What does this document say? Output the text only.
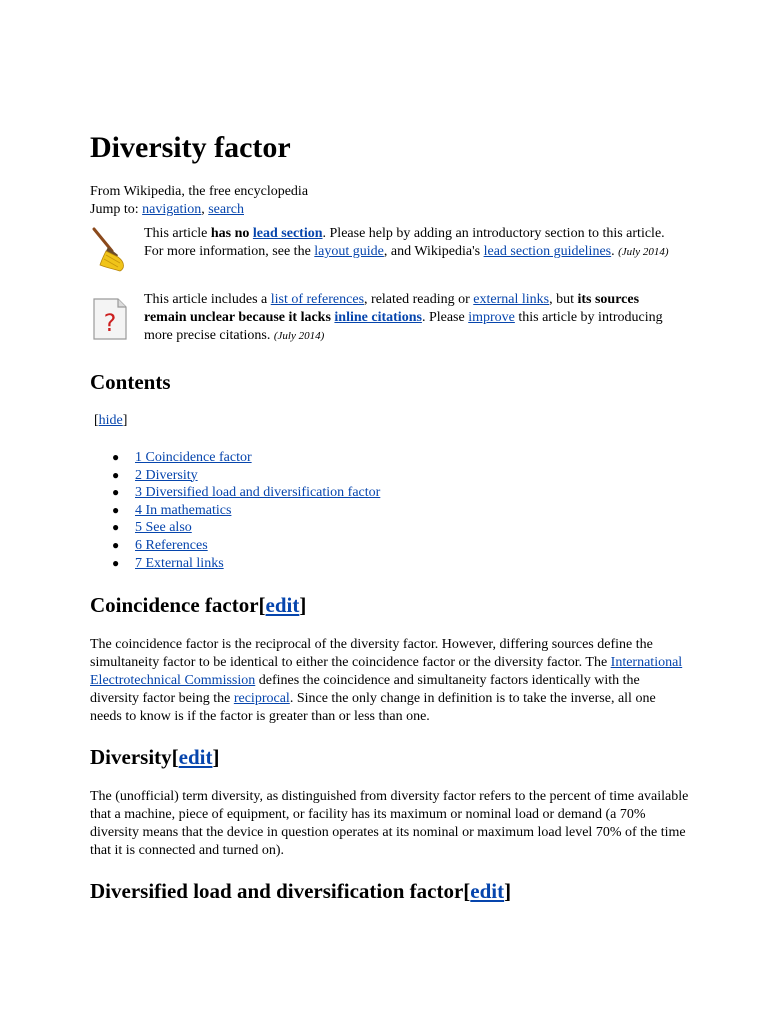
Diversity factor
From Wikipedia, the free encyclopedia
Jump to: navigation, search
This article has no lead section. Please help by adding an introductory section to this article. For more information, see the layout guide, and Wikipedia's lead section guidelines. (July 2014)
?
This article includes a list of references, related reading or external links, but its sources remain unclear because it lacks inline citations. Please improve this article by introducing more precise citations. (July 2014)
Contents
[hide]
● 1 Coincidence factor
● 2 Diversity
● 3 Diversified load and diversification factor
● 4 In mathematics
● 5 See also
● 6 References
● 7 External links
Coincidence factor[edit]

The coincidence factor is the reciprocal of the diversity factor. However, differing sources define the simultaneity factor to be identical to either the coincidence factor or the diversity factor. The International Electrotechnical Commission defines the coincidence and simultaneity factors identically with the diversity factor being the reciprocal. Since the only change in definition is to take the inverse, all one needs to know is if the factor is greater than or less than one.

Diversity[edit]

The (unofficial) term diversity, as distinguished from diversity factor refers to the percent of time available that a machine, piece of equipment, or facility has its maximum or nominal load or demand (a 70% diversity means that the device in question operates at its nominal or maximum load level 70% of the time that it is connected and turned on).

Diversified load and diversification factor[edit]
